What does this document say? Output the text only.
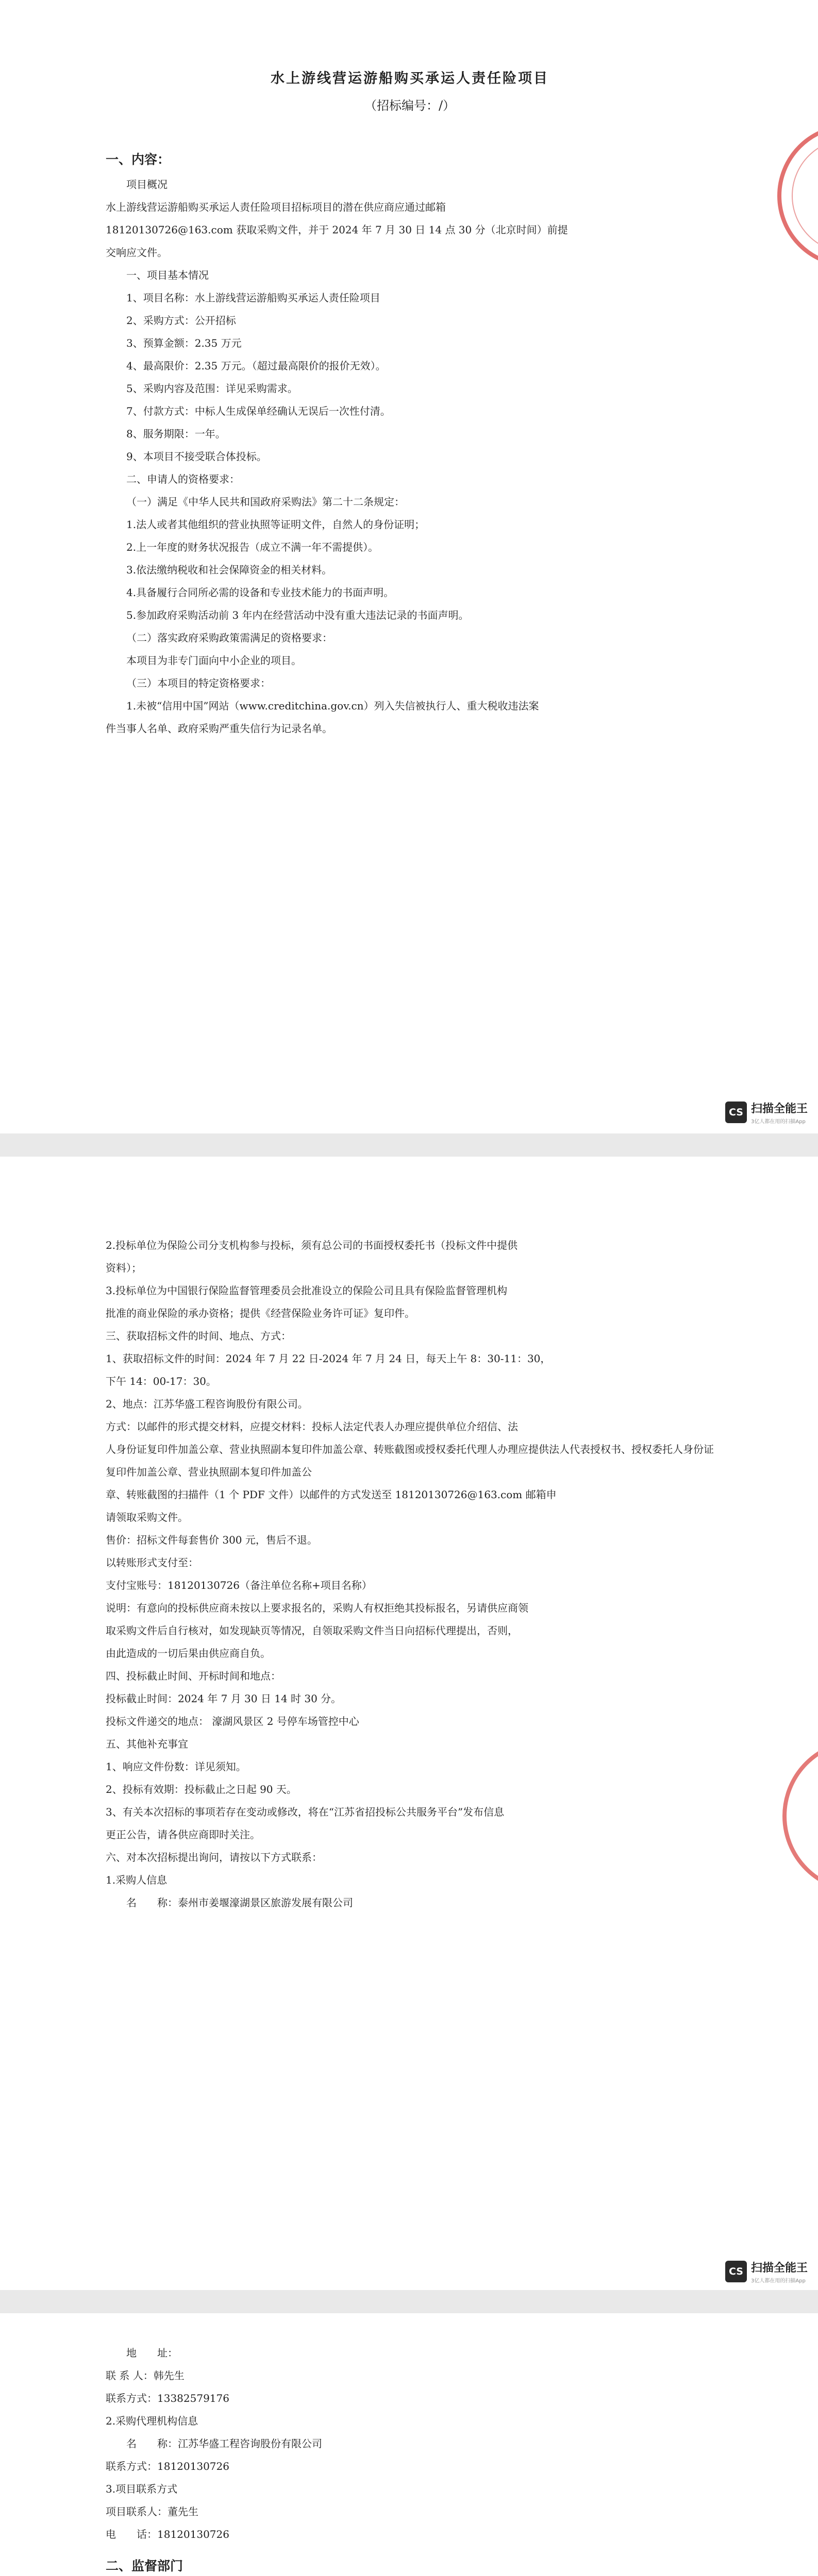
水上游线营运游船购买承运人责任险项目
（招标编号：/）
一、内容：

项目概况

水上游线营运游船购买承运人责任险项目招标项目的潜在供应商应通过邮箱

18120130726@163.com 获取采购文件，并于 2024 年 7 月 30 日 14 点 30 分（北京时间）前提

交响应文件。

一、项目基本情况

1、项目名称：水上游线营运游船购买承运人责任险项目

2、采购方式：公开招标

3、预算金额：2.35 万元

4、最高限价：2.35 万元。（超过最高限价的报价无效）。

5、采购内容及范围：详见采购需求。

7、付款方式：中标人生成保单经确认无误后一次性付清。

8、服务期限：一年。

9、本项目不接受联合体投标。

二、申请人的资格要求：

（一）满足《中华人民共和国政府采购法》第二十二条规定：

1.法人或者其他组织的营业执照等证明文件，自然人的身份证明；

2.上一年度的财务状况报告（成立不满一年不需提供）。

3.依法缴纳税收和社会保障资金的相关材料。

4.具备履行合同所必需的设备和专业技术能力的书面声明。

5.参加政府采购活动前 3 年内在经营活动中没有重大违法记录的书面声明。

（二）落实政府采购政策需满足的资格要求：

本项目为非专门面向中小企业的项目。

（三）本项目的特定资格要求：

1.未被“信用中国”网站（www.creditchina.gov.cn）列入失信被执行人、重大税收违法案

件当事人名单、政府采购严重失信行为记录名单。

CS 扫描全能王
3亿人都在用的扫描App

2.投标单位为保险公司分支机构参与投标，须有总公司的书面授权委托书（投标文件中提供

资料）；

3.投标单位为中国银行保险监督管理委员会批准设立的保险公司且具有保险监督管理机构

批准的商业保险的承办资格；提供《经营保险业务许可证》复印件。

三、获取招标文件的时间、地点、方式：

1、获取招标文件的时间：2024 年 7 月 22 日-2024 年 7 月 24 日，每天上午 8：30-11：30，

下午 14：00-17：30。

2、地点：江苏华盛工程咨询股份有限公司。

方式：以邮件的形式提交材料，应提交材料：投标人法定代表人办理应提供单位介绍信、法

人身份证复印件加盖公章、营业执照副本复印件加盖公章、转账截图或授权委托代理人办理应提供法人代表授权书、授权委托人身份证复印件加盖公章、营业执照副本复印件加盖公

章、转账截图的扫描件（1 个 PDF 文件）以邮件的方式发送至 18120130726@163.com 邮箱申

请领取采购文件。

售价：招标文件每套售价 300 元，售后不退。

以转账形式支付至：

支付宝账号：18120130726（备注单位名称+项目名称）

说明：有意向的投标供应商未按以上要求报名的，采购人有权拒绝其投标报名，另请供应商领

取采购文件后自行核对，如发现缺页等情况，自领取采购文件当日向招标代理提出，否则，

由此造成的一切后果由供应商自负。

四、投标截止时间、开标时间和地点：

投标截止时间：2024 年 7 月 30 日 14 时 30 分。

投标文件递交的地点： 濠湖风景区 2 号停车场管控中心

五、其他补充事宜

1、响应文件份数：详见须知。

2、投标有效期：投标截止之日起 90 天。

3、有关本次招标的事项若存在变动或修改，将在“江苏省招投标公共服务平台”发布信息

更正公告，请各供应商即时关注。

六、对本次招标提出询问，请按以下方式联系：

1.采购人信息

名　　称：泰州市姜堰濠湖景区旅游发展有限公司

CS 扫描全能王
3亿人都在用的扫描App

地　　址：

联 系 人：韩先生

联系方式：13382579176

2.采购代理机构信息

名　　称：江苏华盛工程咨询股份有限公司

联系方式：18120130726

3.项目联系方式

项目联系人：董先生

电　　话：18120130726

二、监督部门
